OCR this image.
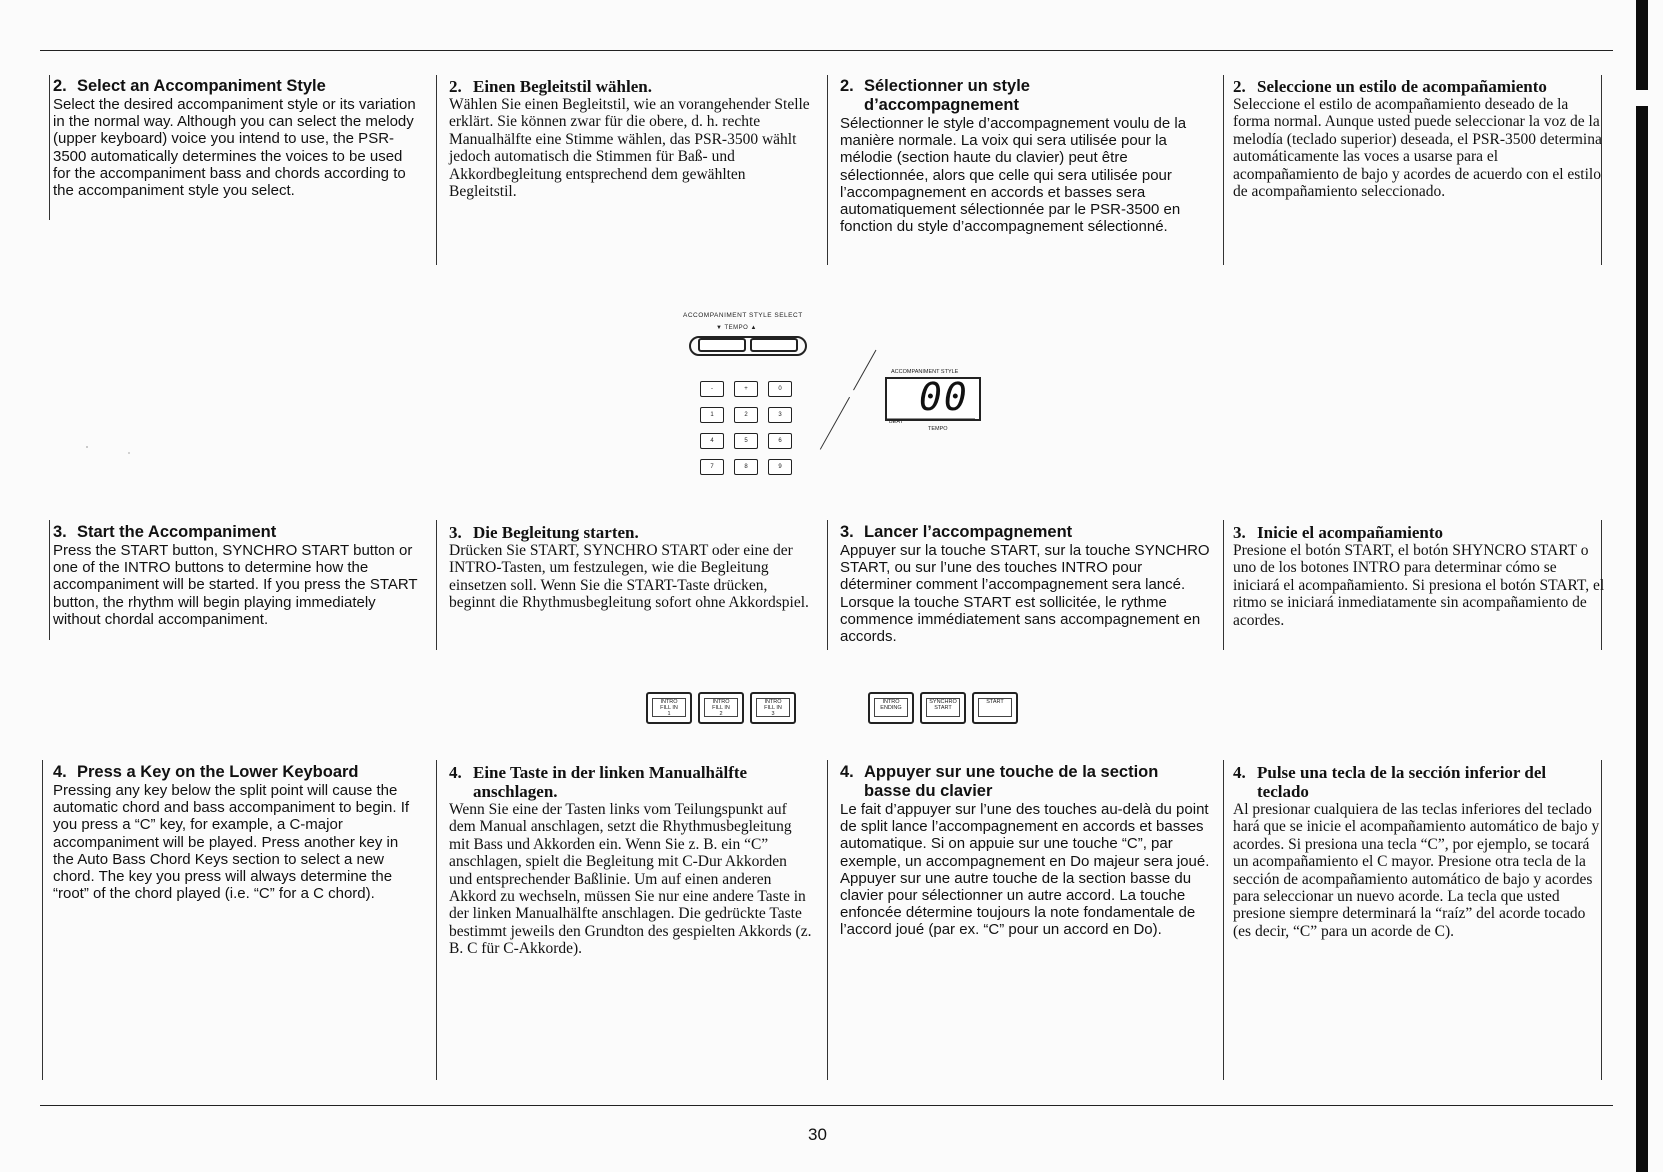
2. Select an Accompaniment Style

Select the desired accompaniment style or its variation in the normal way. Although you can select the melody (upper keyboard) voice you intend to use, the PSR-3500 automatically determines the voices to be used for the accompaniment bass and chords according to the accompaniment style you select.

2. Einen Begleitstil wählen.

Wählen Sie einen Begleitstil, wie an vorangehender Stelle erklärt. Sie können zwar für die obere, d. h. rechte Manualhälfte eine Stimme wählen, das PSR-3500 wählt jedoch automatisch die Stimmen für Baß- und Akkordbegleitung entsprechend dem gewählten Begleitstil.

2. Sélectionner un style
d’accompagnement

Sélectionner le style d’accompagnement voulu de la manière normale. La voix qui sera utilisée pour la mélodie (section haute du clavier) peut être sélectionnée, alors que celle qui sera utilisée pour l’accompagnement en accords et basses sera automatiquement sélectionnée par le PSR-3500 en fonction du style d’accompagnement sélectionné.

2. Seleccione un estilo de acompañamiento

Seleccione el estilo de acompañamiento deseado de la forma normal. Aunque usted puede seleccionar la voz de la melodía (teclado superior) deseada, el PSR-3500 determina automáticamente las voces a usarse para el acompañamiento de bajo y acordes de acuerdo con el estilo de acompañamiento seleccionado.

ACCOMPANIMENT STYLE SELECT
▼ TEMPO ▲
-	+	0
1	2	3
4	5	6
7	8	9
ACCOMPANIMENT STYLE
00
BEAT
TEMPO
3. Start the Accompaniment

Press the START button, SYNCHRO START button or one of the INTRO buttons to determine how the accompaniment will be started. If you press the START button, the rhythm will begin playing immediately without chordal accompaniment.

3. Die Begleitung starten.

Drücken Sie START, SYNCHRO START oder eine der INTRO-Tasten, um festzulegen, wie die Begleitung einsetzen soll. Wenn Sie die START-Taste drücken, beginnt die Rhythmusbegleitung sofort ohne Akkordspiel.

3. Lancer l’accompagnement

Appuyer sur la touche START, sur la touche SYNCHRO START, ou sur l’une des touches INTRO pour déterminer comment l’accompagnement sera lancé. Lorsque la touche START est sollicitée, le rythme commence immédiatement sans accompagnement en accords.

3. Inicie el acompañamiento

Presione el botón START, el botón SHYNCRO START o uno de los botones INTRO para determinar cómo se iniciará el acompañamiento. Si presiona el botón START, el ritmo se iniciará inmediatamente sin acompañamiento de acordes.

INTRO
FILL IN
1
INTRO
FILL IN
2
INTRO
FILL IN
3
INTRO
ENDING
SYNCHRO
START
START
4. Press a Key on the Lower Keyboard

Pressing any key below the split point will cause the automatic chord and bass accompaniment to begin. If you press a “C” key, for example, a C-major accompaniment will be played. Press another key in the Auto Bass Chord Keys section to select a new chord. The key you press will always determine the “root” of the chord played (i.e. “C” for a C chord).

4. Eine Taste in der linken Manualhälfte
anschlagen.

Wenn Sie eine der Tasten links vom Teilungspunkt auf dem Manual anschlagen, setzt die Rhythmusbegleitung mit Bass und Akkorden ein. Wenn Sie z. B. ein “C” anschlagen, spielt die Begleitung mit C-Dur Akkorden und entsprechender Baßlinie. Um auf einen anderen Akkord zu wechseln, müssen Sie nur eine andere Taste in der linken Manualhälfte anschlagen. Die gedrückte Taste bestimmt jeweils den Grundton des gespielten Akkords (z. B. C für C-Akkorde).

4. Appuyer sur une touche de la section
basse du clavier

Le fait d’appuyer sur l’une des touches au-delà du point de split lance l’accompagnement en accords et basses automatique. Si on appuie sur une touche “C”, par exemple, un accompagnement en Do majeur sera joué. Appuyer sur une autre touche de la section basse du clavier pour sélectionner un autre accord. La touche enfoncée détermine toujours la note fondamentale de l’accord joué (par ex. “C” pour un accord en Do).

4. Pulse una tecla de la sección inferior del
teclado

Al presionar cualquiera de las teclas inferiores del teclado hará que se inicie el acompañamiento automático de bajo y acordes. Si presiona una tecla “C”, por ejemplo, se tocará un acompañamiento el C mayor. Presione otra tecla de la sección de acompañamiento automático de bajo y acordes para seleccionar un nuevo acorde. La tecla que usted presione siempre determinará la “raíz” del acorde tocado (es decir, “C” para un acorde de C).

30
